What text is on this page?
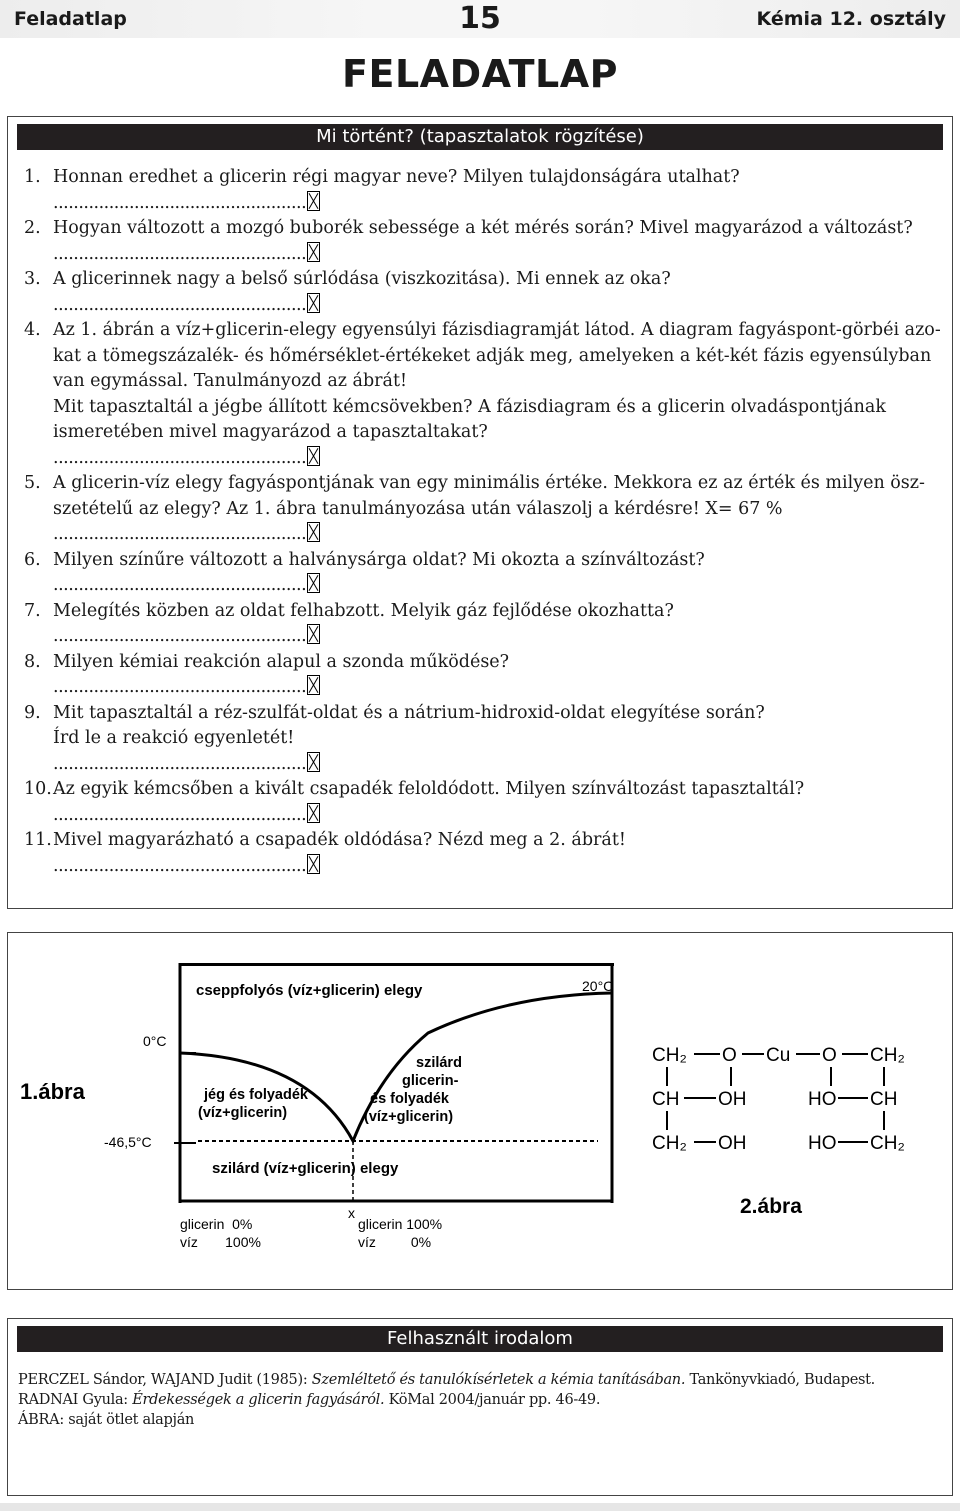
Feladatlap	15	Kémia 12. osztály
FELADATLAP
Mi történt? (tapasztalatok rögzítése)

1. Honnan eredhet a glicerin régi magyar neve? Milyen tulajdonságára utalhat?

..................................................

2. Hogyan változott a mozgó buborék sebessége a két mérés során? Mivel magyarázod a változást?

..................................................

3. A glicerinnek nagy a belső súrlódása (viszkozitása). Mi ennek az oka?

..................................................

4. Az 1. ábrán a víz+glicerin-elegy egyensúlyi fázisdiagramját látod. A diagram fagyáspont-görbéi azo-

kat a tömegszázalék- és hőmérséklet-értékeket adják meg, amelyeken a két-két fázis egyensúlyban

van egymással. Tanulmányozd az ábrát!

Mit tapasztaltál a jégbe állított kémcsövekben? A fázisdiagram és a glicerin olvadáspontjának

ismeretében mivel magyarázod a tapasztaltakat?

..................................................

5. A glicerin-víz elegy fagyáspontjának van egy minimális értéke. Mekkora ez az érték és milyen ösz-

szetételű az elegy? Az 1. ábra tanulmányozása után válaszolj a kérdésre! X= 67 %

..................................................

6. Milyen színűre változott a halványsárga oldat? Mi okozta a színváltozást?

..................................................

7. Melegítés közben az oldat felhabzott. Melyik gáz fejlődése okozhatta?

..................................................

8. Milyen kémiai reakción alapul a szonda működése?

..................................................

9. Mit tapasztaltál a réz-szulfát-oldat és a nátrium-hidroxid-oldat elegyítése során?

Írd le a reakció egyenletét!

..................................................

10.Az egyik kémcsőben a kivált csapadék feloldódott. Milyen színváltozást tapasztaltál?

..................................................

11.Mivel magyarázható a csapadék oldódása? Nézd meg a 2. ábrát!

..................................................

1.ábra
cseppfolyós (víz+glicerin) elegy
0°C
20°C
-46,5°C
jég és folyadék
(víz+glicerin)
szilárd
glicerin-
és folyadék
(víz+glicerin)
szilárd (víz+glicerin) elegy
x
glicerin  0%
víz       100%
glicerin 100%
víz         0%
CH₂ O Cu O CH₂
CH OH	HO CH
CH₂ OH	HO CH₂
2.ábra
Felhasznált irodalom

PERCZEL Sándor, WAJAND Judit (1985): Szemléltető és tanulókísérletek a kémia tanításában. Tankönyvkiadó, Budapest.

RADNAI Gyula: Érdekességek a glicerin fagyásáról. KöMal 2004/január pp. 46-49.

ÁBRA: saját ötlet alapján
